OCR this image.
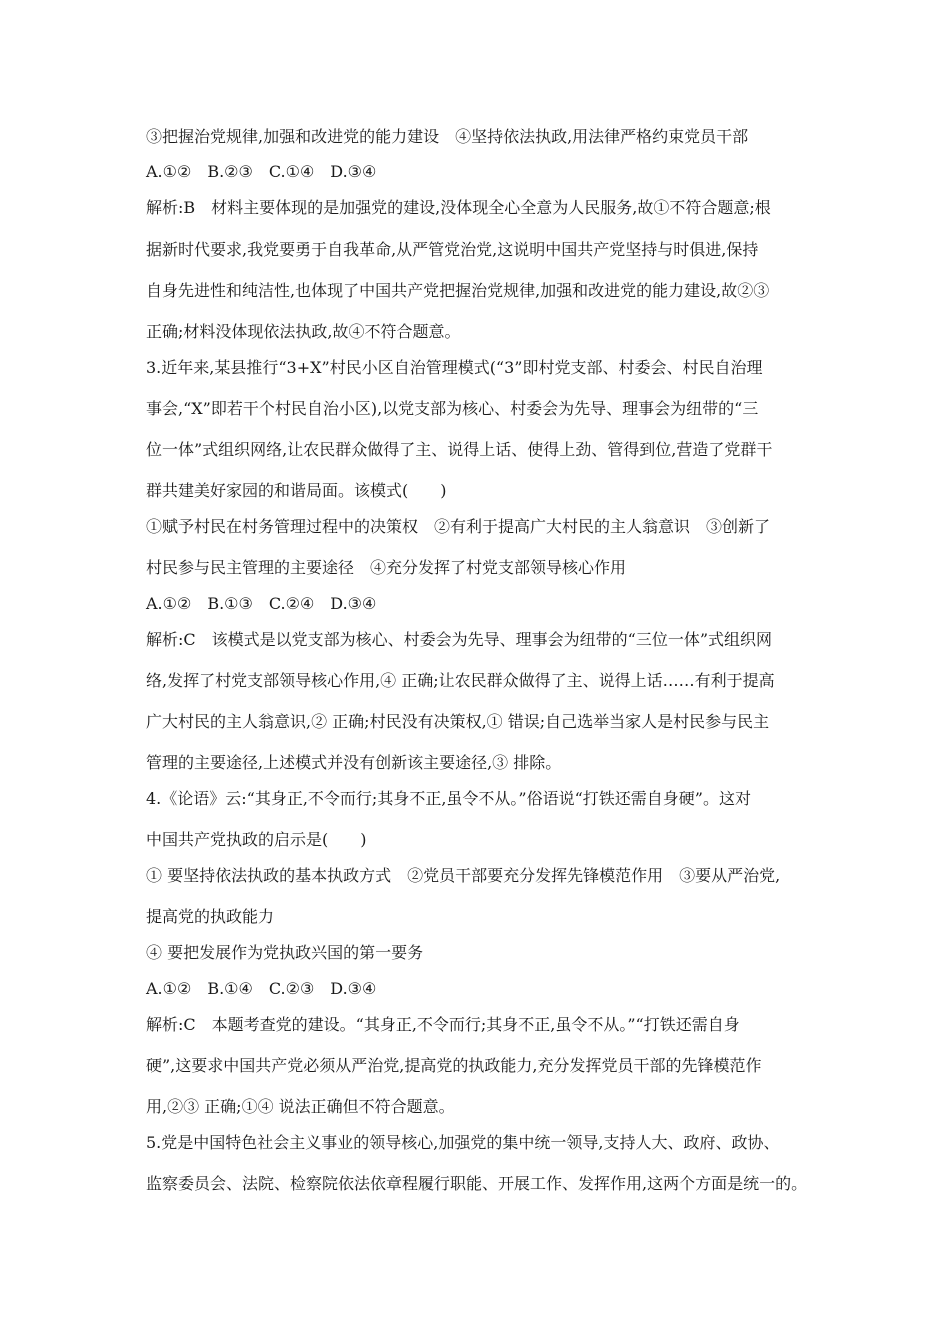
③把握治党规律,加强和改进党的能力建设　④坚持依法执政,用法律严格约束党员干部
A.①②　B.②③　C.①④　D.③④
解析:B　材料主要体现的是加强党的建设,没体现全心全意为人民服务,故①不符合题意;根
据新时代要求,我党要勇于自我革命,从严管党治党,这说明中国共产党坚持与时俱进,保持
自身先进性和纯洁性,也体现了中国共产党把握治党规律,加强和改进党的能力建设,故②③
正确;材料没体现依法执政,故④不符合题意。
3.近年来,某县推行“3+X”村民小区自治管理模式(“3”即村党支部、村委会、村民自治理
事会,“X”即若干个村民自治小区),以党支部为核心、村委会为先导、理事会为纽带的“三
位一体”式组织网络,让农民群众做得了主、说得上话、使得上劲、管得到位,营造了党群干
群共建美好家园的和谐局面。该模式(　　)
①赋予村民在村务管理过程中的决策权　②有利于提高广大村民的主人翁意识　③创新了
村民参与民主管理的主要途径　④充分发挥了村党支部领导核心作用
A.①②　B.①③　C.②④　D.③④
解析:C　该模式是以党支部为核心、村委会为先导、理事会为纽带的“三位一体”式组织网
络,发挥了村党支部领导核心作用,④ 正确;让农民群众做得了主、说得上话……有利于提高
广大村民的主人翁意识,② 正确;村民没有决策权,① 错误;自己选举当家人是村民参与民主
管理的主要途径,上述模式并没有创新该主要途径,③ 排除。
4.《论语》云:“其身正,不令而行;其身不正,虽令不从。”俗语说“打铁还需自身硬”。这对
中国共产党执政的启示是(　　)
① 要坚持依法执政的基本执政方式　②党员干部要充分发挥先锋模范作用　③要从严治党,
提高党的执政能力
④ 要把发展作为党执政兴国的第一要务
A.①②　B.①④　C.②③　D.③④
解析:C　本题考查党的建设。“其身正,不令而行;其身不正,虽令不从。”“打铁还需自身
硬”,这要求中国共产党必须从严治党,提高党的执政能力,充分发挥党员干部的先锋模范作
用,②③ 正确;①④ 说法正确但不符合题意。
5.党是中国特色社会主义事业的领导核心,加强党的集中统一领导,支持人大、政府、政协、
监察委员会、法院、检察院依法依章程履行职能、开展工作、发挥作用,这两个方面是统一的。
